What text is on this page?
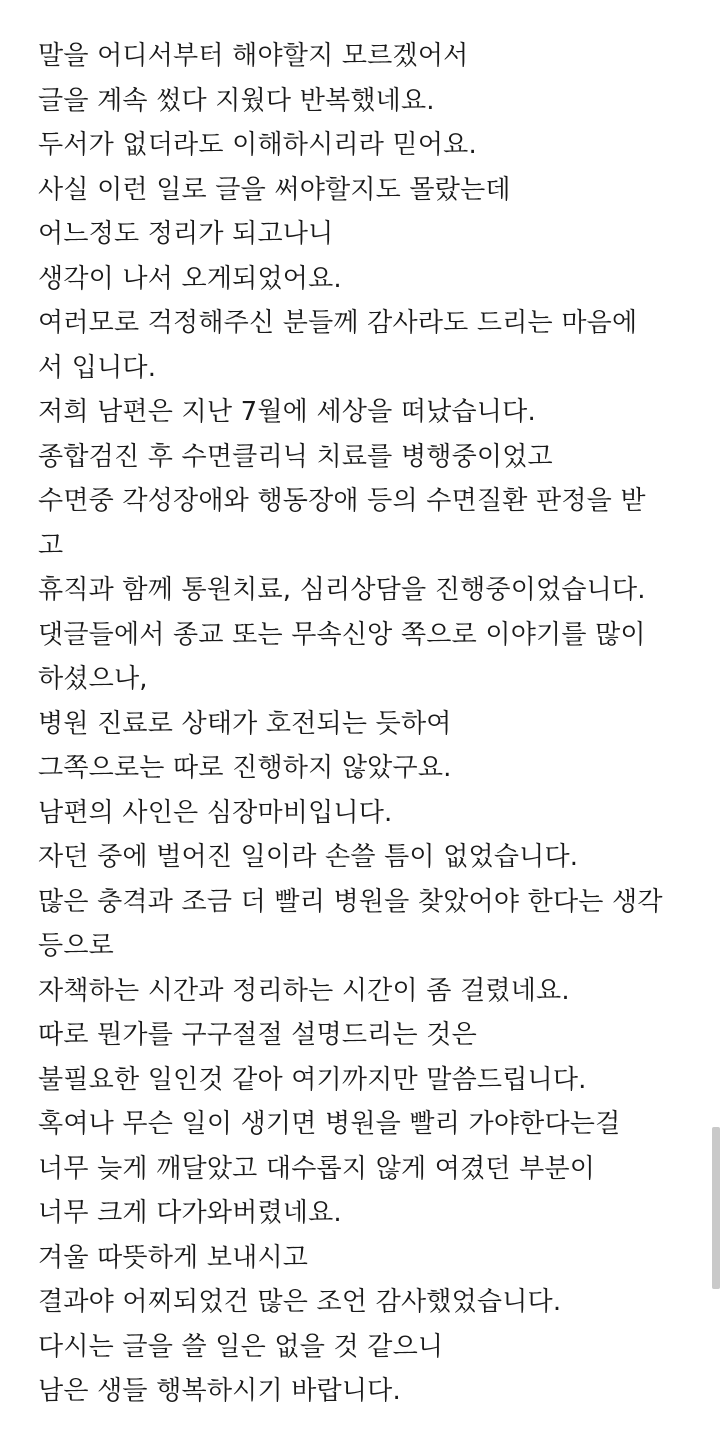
말을 어디서부터 해야할지 모르겠어서
글을 계속 썼다 지웠다 반복했네요.
두서가 없더라도 이해하시리라 믿어요.
사실 이런 일로 글을 써야할지도 몰랐는데
어느정도 정리가 되고나니
생각이 나서 오게되었어요.
여러모로 걱정해주신 분들께 감사라도 드리는 마음에
서 입니다.
저희 남편은 지난 7월에 세상을 떠났습니다.
종합검진 후 수면클리닉 치료를 병행중이었고
수면중 각성장애와 행동장애 등의 수면질환 판정을 받
고
휴직과 함께 통원치료, 심리상담을 진행중이었습니다.
댓글들에서 종교 또는 무속신앙 쪽으로 이야기를 많이
하셨으나,
병원 진료로 상태가 호전되는 듯하여
그쪽으로는 따로 진행하지 않았구요.
남편의 사인은 심장마비입니다.
자던 중에 벌어진 일이라 손쓸 틈이 없었습니다.
많은 충격과 조금 더 빨리 병원을 찾았어야 한다는 생각
등으로
자책하는 시간과 정리하는 시간이 좀 걸렸네요.
따로 뭔가를 구구절절 설명드리는 것은
불필요한 일인것 같아 여기까지만 말씀드립니다.
혹여나 무슨 일이 생기면 병원을 빨리 가야한다는걸
너무 늦게 깨달았고 대수롭지 않게 여겼던 부분이
너무 크게 다가와버렸네요.
겨울 따뜻하게 보내시고
결과야 어찌되었건 많은 조언 감사했었습니다.
다시는 글을 쓸 일은 없을 것 같으니
남은 생들 행복하시기 바랍니다.
